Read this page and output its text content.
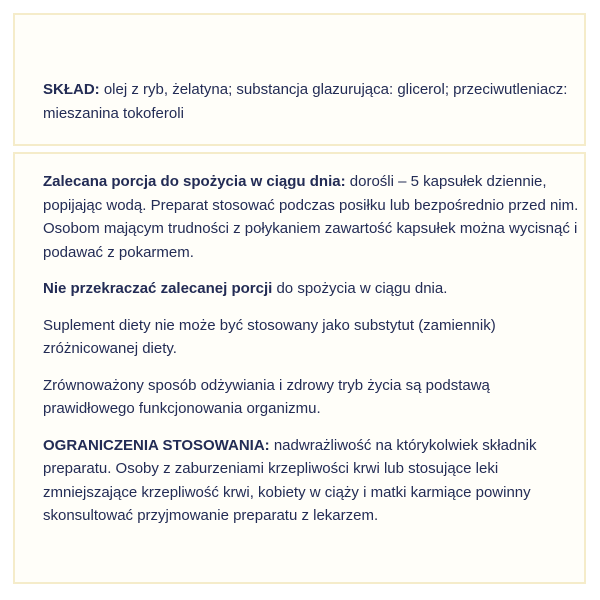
SKŁAD: olej z ryb, żelatyna; substancja glazurująca: glicerol; przeciwutleniacz: mieszanina tokoferoli

Zalecana porcja do spożycia w ciągu dnia: dorośli – 5 kapsułek dziennie, popijając wodą. Preparat stosować podczas posiłku lub bezpośrednio przed nim. Osobom mającym trudności z połykaniem zawartość kapsułek można wycisnąć i podawać z pokarmem.

Nie przekraczać zalecanej porcji do spożycia w ciągu dnia.

Suplement diety nie może być stosowany jako substytut (zamiennik) zróżnicowanej diety.

Zrównoważony sposób odżywiania i zdrowy tryb życia są podstawą prawidłowego funkcjonowania organizmu.

OGRANICZENIA STOSOWANIA: nadwrażliwość na którykolwiek składnik preparatu. Osoby z zaburzeniami krzepliwości krwi lub stosujące leki zmniejszające krzepliwość krwi, kobiety w ciąży i matki karmiące powinny skonsultować przyjmowanie preparatu z lekarzem.
